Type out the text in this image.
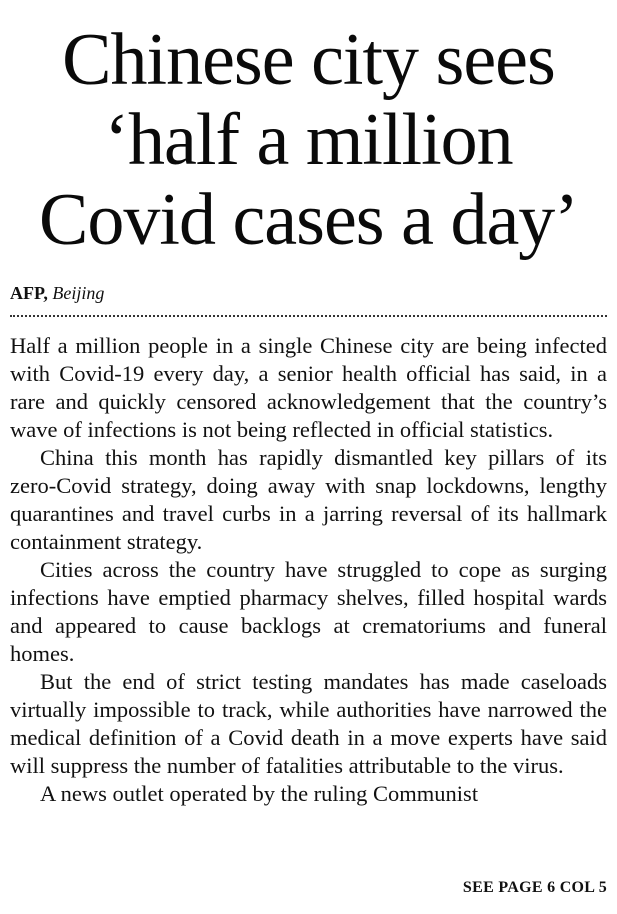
Chinese city sees
‘half a million
Covid cases a day’
AFP, Beijing

Half a million people in a single Chinese city are being infected with Covid-19 every day, a senior health official has said, in a rare and quickly censored acknowledgement that the country’s wave of infections is not being reflected in official statistics.

China this month has rapidly dismantled key pillars of its zero-Covid strategy, doing away with snap lockdowns, lengthy quarantines and travel curbs in a jarring reversal of its hallmark containment strategy.

Cities across the country have struggled to cope as surging infections have emptied pharmacy shelves, filled hospital wards and appeared to cause backlogs at crematoriums and funeral homes.

But the end of strict testing mandates has made caseloads virtually impossible to track, while authorities have narrowed the medical definition of a Covid death in a move experts have said will suppress the number of fatalities attributable to the virus.

A news outlet operated by the ruling Communist

SEE PAGE 6 COL 5
